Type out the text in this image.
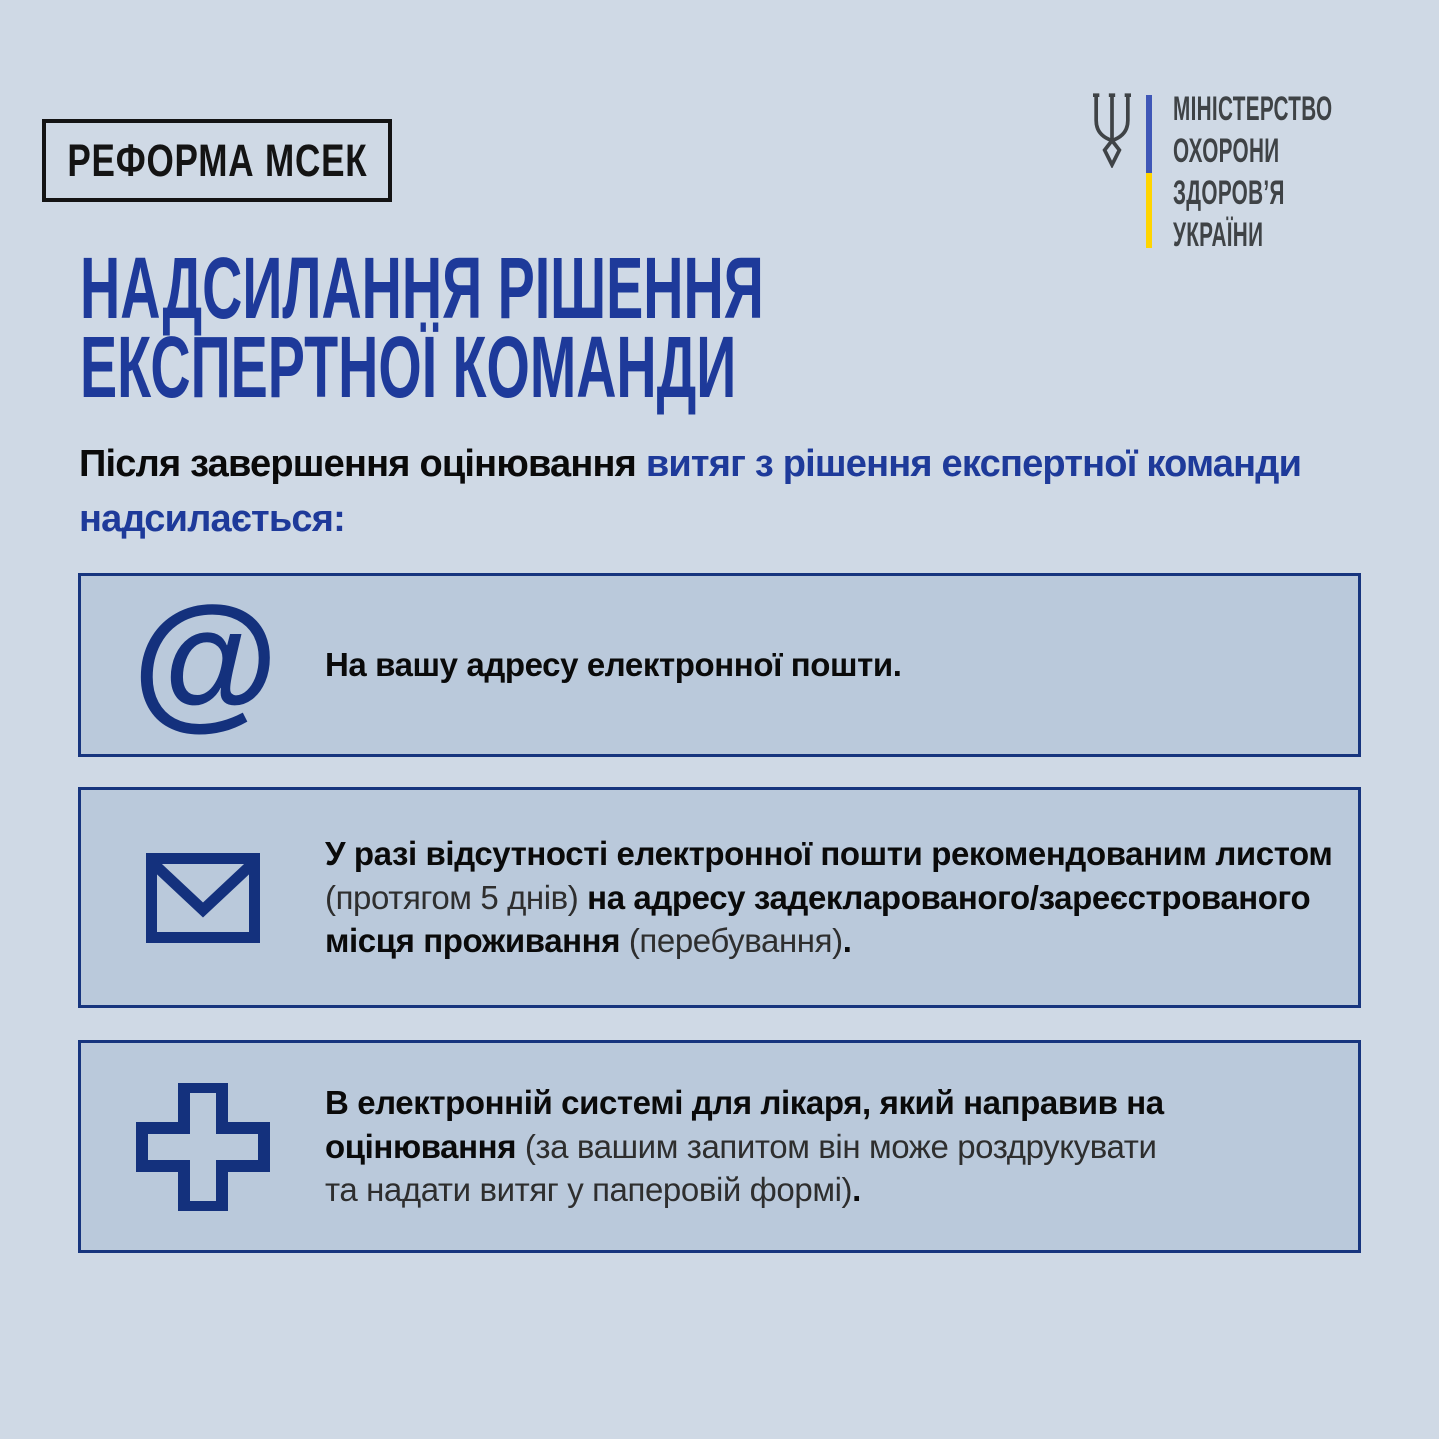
РЕФОРМА МСЕК
МІНІСТЕРСТВО
ОХОРОНИ
ЗДОРОВ’Я
УКРАЇНИ
НАДСИЛАННЯ РІШЕННЯ
ЕКСПЕРТНОЇ КОМАНДИ
Після завершення оцінювання витяг з рішення експертної команди
надсилається:
@ На вашу адресу електронної пошти.
У разі відсутності електронної пошти рекомендованим листом
(протягом 5 днів) на адресу задекларованого/зареєстрованого
місця проживання (перебування).
В електронній системі для лікаря, який направив на
оцінювання (за вашим запитом він може роздрукувати
та надати витяг у паперовій формі).
